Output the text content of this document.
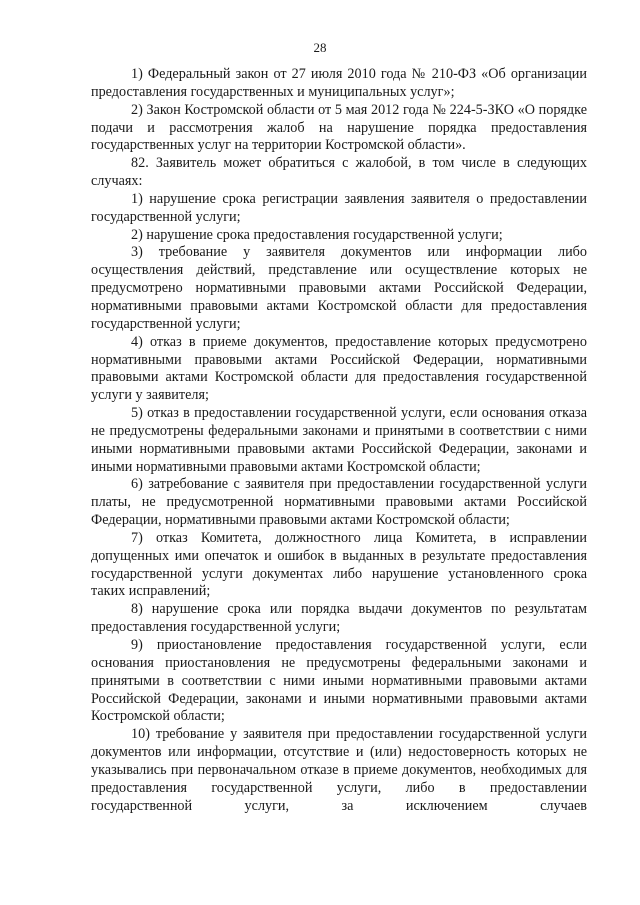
28

1) Федеральный закон от 27 июля 2010 года № 210-ФЗ «Об организации предоставления государственных и муниципальных услуг»;

2) Закон Костромской области от 5 мая 2012 года № 224-5-ЗКО «О порядке подачи и рассмотрения жалоб на нарушение порядка предоставления государственных услуг на территории Костромской области».

82. Заявитель может обратиться с жалобой, в том числе в следующих случаях:

1) нарушение срока регистрации заявления заявителя о предоставлении государственной услуги;

2) нарушение срока предоставления государственной услуги;

3) требование у заявителя документов или информации либо осуществления действий, представление или осуществление которых не предусмотрено нормативными правовыми актами Российской Федерации, нормативными правовыми актами Костромской области для предоставления государственной услуги;

4) отказ в приеме документов, предоставление которых предусмотрено нормативными правовыми актами Российской Федерации, нормативными правовыми актами Костромской области для предоставления государственной услуги у заявителя;

5) отказ в предоставлении государственной услуги, если основания отказа не предусмотрены федеральными законами и принятыми в соответствии с ними иными нормативными правовыми актами Российской Федерации, законами и иными нормативными правовыми актами Костромской области;

6) затребование с заявителя при предоставлении государственной услуги платы, не предусмотренной нормативными правовыми актами Российской Федерации, нормативными правовыми актами Костромской области;

7) отказ Комитета, должностного лица Комитета, в исправлении допущенных ими опечаток и ошибок в выданных в результате предоставления государственной услуги документах либо нарушение установленного срока таких исправлений;

8) нарушение срока или порядка выдачи документов по результатам предоставления государственной услуги;

9) приостановление предоставления государственной услуги, если основания приостановления не предусмотрены федеральными законами и принятыми в соответствии с ними иными нормативными правовыми актами Российской Федерации, законами и иными нормативными правовыми актами Костромской области;

10) требование у заявителя при предоставлении государственной услуги документов или информации, отсутствие и (или) недостоверность которых не указывались при первоначальном отказе в приеме документов, необходимых для предоставления государственной услуги, либо в предоставлении государственной услуги, за исключением случаев
